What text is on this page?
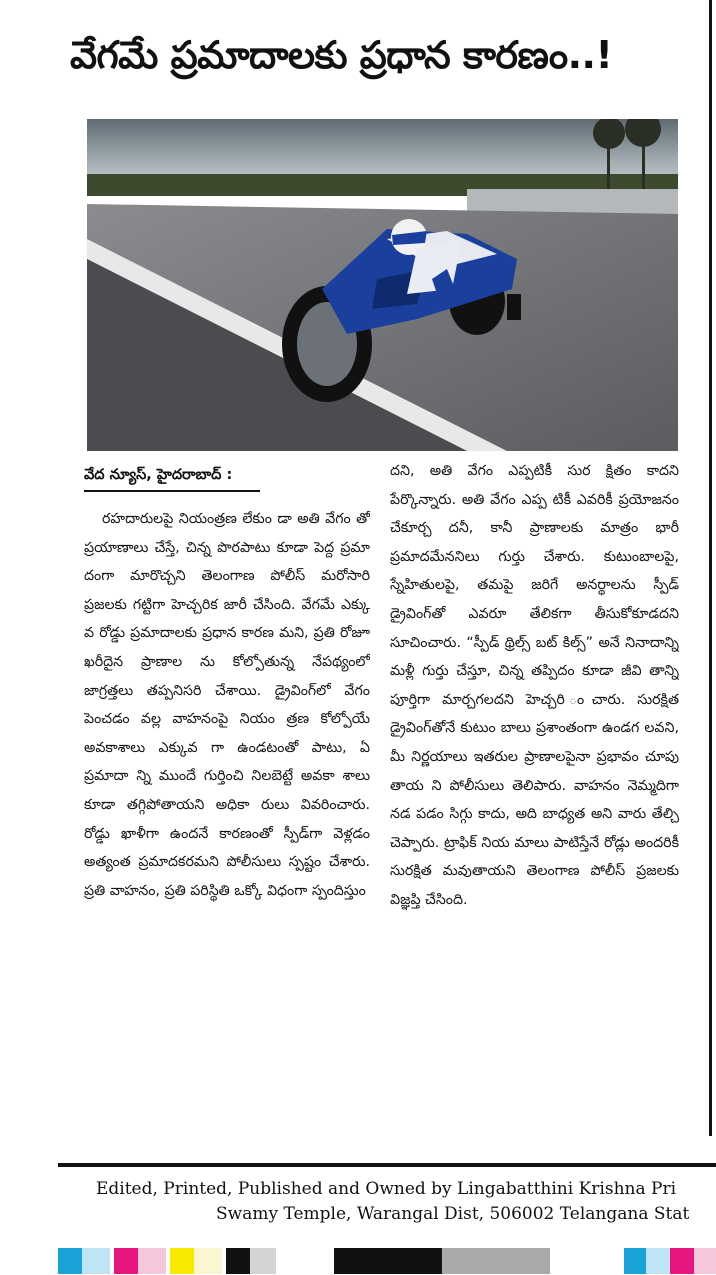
వేగమే ప్రమాదాలకు ప్రధాన కారణం..!
వేద న్యూస్, హైదరాబాద్ :

రహదారులపై నియంత్రణ లేకుం డా అతి వేగం తో ప్రయాణాలు చేస్తే, చిన్న పొరపాటు కూడా పెద్ద ప్రమా దంగా మారొచ్చని తెలంగాణ పోలీస్ మరోసారి ప్రజలకు గట్టిగా హెచ్చరిక జారీ చేసింది. వేగమే ఎక్కు వ రోడ్డు ప్రమాదాలకు ప్రధాన కారణ మని, ప్రతి రోజూ ఖరీదైన ప్రాణాల ను కోల్పోతున్న నేపథ్యంలో జాగ్రత్తలు తప్పనిసరి చేశాయి. డ్రైవింగ్‌లో వేగం పెంచడం వల్ల వాహనంపై నియం త్రణ కోల్పోయే అవకాశాలు ఎక్కువ గా ఉండటంతో పాటు, ఏ ప్రమాదా న్ని ముందే గుర్తించి నిలబెట్టే అవకా శాలు కూడా తగ్గిపోతాయని అధికా రులు వివరించారు. రోడ్డు ఖాళీగా ఉందనే కారణంతో స్పీడ్‌గా వెళ్లడం అత్యంత ప్రమాదకరమని పోలీసులు స్పష్టం చేశారు. ప్రతి వాహనం, ప్రతి పరిస్థితి ఒక్కో విధంగా స్పందిస్తుం

దని, అతి వేగం ఎప్పటికీ సుర క్షితం కాదని పేర్కొన్నారు. అతి వేగం ఎప్ప టికీ ఎవరికీ ప్రయోజనం చేకూర్చ దనీ, కానీ ప్రాణాలకు మాత్రం భారీ ప్రమాదమేననిలు గుర్తు చేశారు. కుటుంబాలపై, స్నేహితులపై, తమపై జరిగే అనర్థాలను స్పీడ్ డ్రైవింగ్‌తో ఎవరూ తేలికగా తీసుకోకూడదని సూచించారు. “స్పీడ్ థ్రిల్స్ బట్ కిల్స్” అనే నినాదాన్ని మళ్లీ గుర్తు చేస్తూ, చిన్న తప్పిదం కూడా జీవి తాన్ని పూర్తిగా మార్చగలదని హెచ్చరి ంచారు. సురక్షిత డ్రైవింగ్‌తోనే కుటుం బాలు ప్రశాంతంగా ఉండగ లవని, మీ నిర్ణయాలు ఇతరుల ప్రాణాలపైనా ప్రభావం చూపు తాయ ని పోలీసులు తెలిపారు. వాహనం నెమ్మదిగా నడ పడం సిగ్గు కాదు, అది బాధ్యత అని వారు తేల్చి చెప్పారు. ట్రాఫిక్ నియ మాలు పాటిస్తేనే రోడ్లు అందరికీ సురక్షిత మవుతాయని తెలంగాణ పోలీస్ ప్రజలకు విజ్ఞప్తి చేసింది.

Edited, Printed, Published and Owned by Lingabatthini Krishna Pri
Swamy Temple, Warangal Dist, 506002 Telangana Stat
